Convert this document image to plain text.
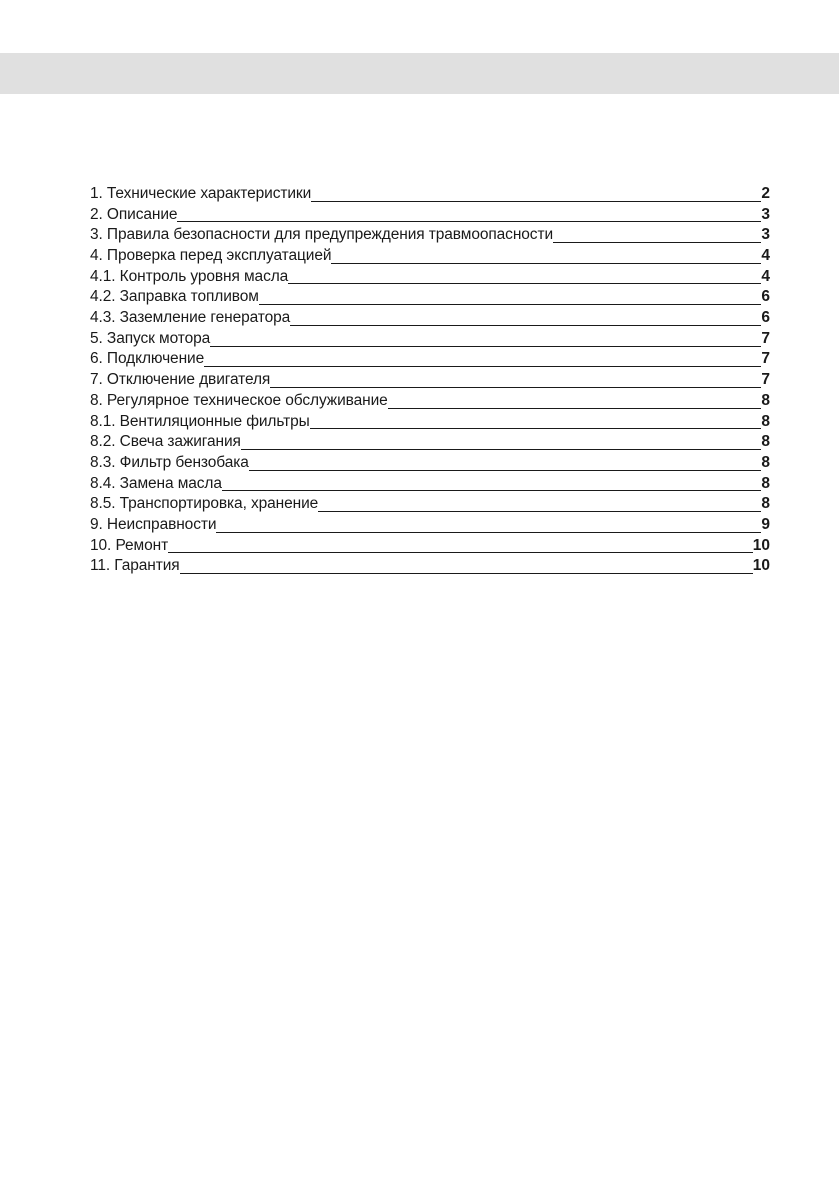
1. Технические характеристики	2
2. Описание	3
3. Правила безопасности для предупреждения травмоопасности	3
4. Проверка перед эксплуатацией	4
4.1. Контроль уровня масла	4
4.2. Заправка топливом	6
4.3. Заземление генератора	6
5. Запуск мотора	7
6. Подключение	7
7. Отключение двигателя	7
8. Регулярное техническое обслуживание	8
8.1. Вентиляционные фильтры	8
8.2. Свеча зажигания	8
8.3. Фильтр бензобака	8
8.4. Замена масла	8
8.5. Транспортировка, хранение	8
9. Неисправности	9
10. Ремонт	10
11. Гарантия	10
